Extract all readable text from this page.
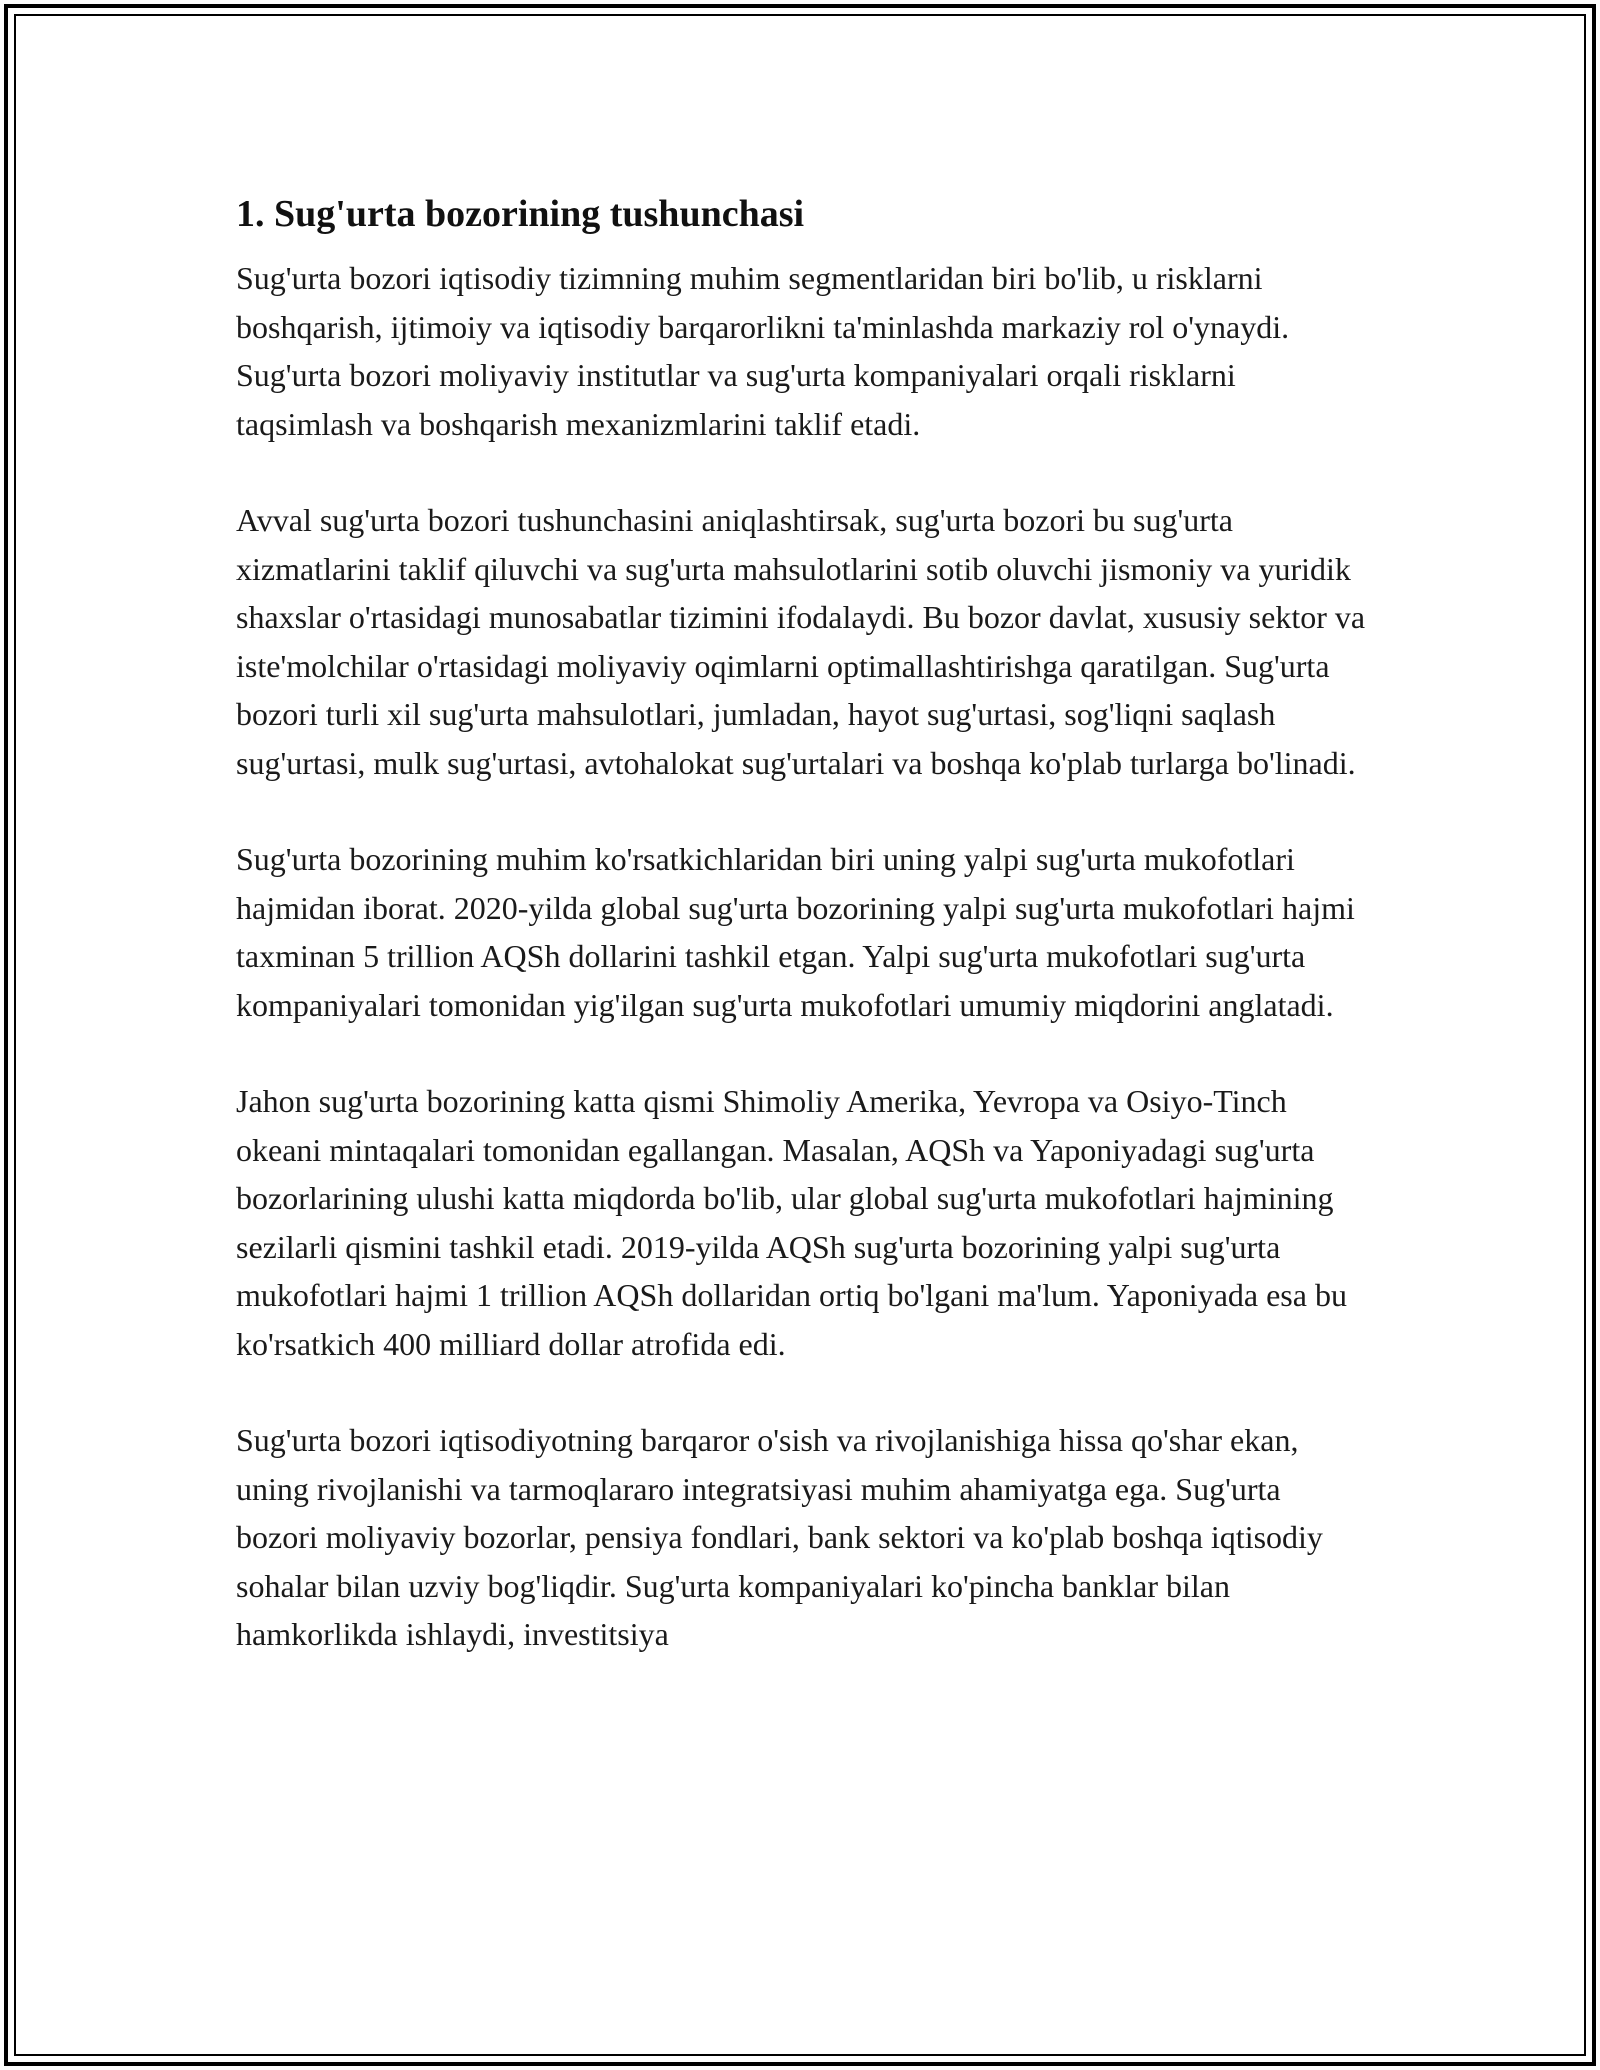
1. Sug'urta bozorining tushunchasi

Sug'urta bozori iqtisodiy tizimning muhim segmentlaridan biri bo'lib, u risklarni boshqarish, ijtimoiy va iqtisodiy barqarorlikni ta'minlashda markaziy rol o'ynaydi. Sug'urta bozori moliyaviy institutlar va sug'urta kompaniyalari orqali risklarni taqsimlash va boshqarish mexanizmlarini taklif etadi.

Avval sug'urta bozori tushunchasini aniqlashtirsak, sug'urta bozori bu sug'urta xizmatlarini taklif qiluvchi va sug'urta mahsulotlarini sotib oluvchi jismoniy va yuridik shaxslar o'rtasidagi munosabatlar tizimini ifodalaydi. Bu bozor davlat, xususiy sektor va iste'molchilar o'rtasidagi moliyaviy oqimlarni optimallashtirishga qaratilgan. Sug'urta bozori turli xil sug'urta mahsulotlari, jumladan, hayot sug'urtasi, sog'liqni saqlash sug'urtasi, mulk sug'urtasi, avtohalokat sug'urtalari va boshqa ko'plab turlarga bo'linadi.

Sug'urta bozorining muhim ko'rsatkichlaridan biri uning yalpi sug'urta mukofotlari hajmidan iborat. 2020-yilda global sug'urta bozorining yalpi sug'urta mukofotlari hajmi taxminan 5 trillion AQSh dollarini tashkil etgan. Yalpi sug'urta mukofotlari sug'urta kompaniyalari tomonidan yig'ilgan sug'urta mukofotlari umumiy miqdorini anglatadi.

Jahon sug'urta bozorining katta qismi Shimoliy Amerika, Yevropa va Osiyo-Tinch okeani mintaqalari tomonidan egallangan. Masalan, AQSh va Yaponiyadagi sug'urta bozorlarining ulushi katta miqdorda bo'lib, ular global sug'urta mukofotlari hajmining sezilarli qismini tashkil etadi. 2019-yilda AQSh sug'urta bozorining yalpi sug'urta mukofotlari hajmi 1 trillion AQSh dollaridan ortiq bo'lgani ma'lum. Yaponiyada esa bu ko'rsatkich 400 milliard dollar atrofida edi.

Sug'urta bozori iqtisodiyotning barqaror o'sish va rivojlanishiga hissa qo'shar ekan, uning rivojlanishi va tarmoqlararo integratsiyasi muhim ahamiyatga ega. Sug'urta bozori moliyaviy bozorlar, pensiya fondlari, bank sektori va ko'plab boshqa iqtisodiy sohalar bilan uzviy bog'liqdir. Sug'urta kompaniyalari ko'pincha banklar bilan hamkorlikda ishlaydi, investitsiya
